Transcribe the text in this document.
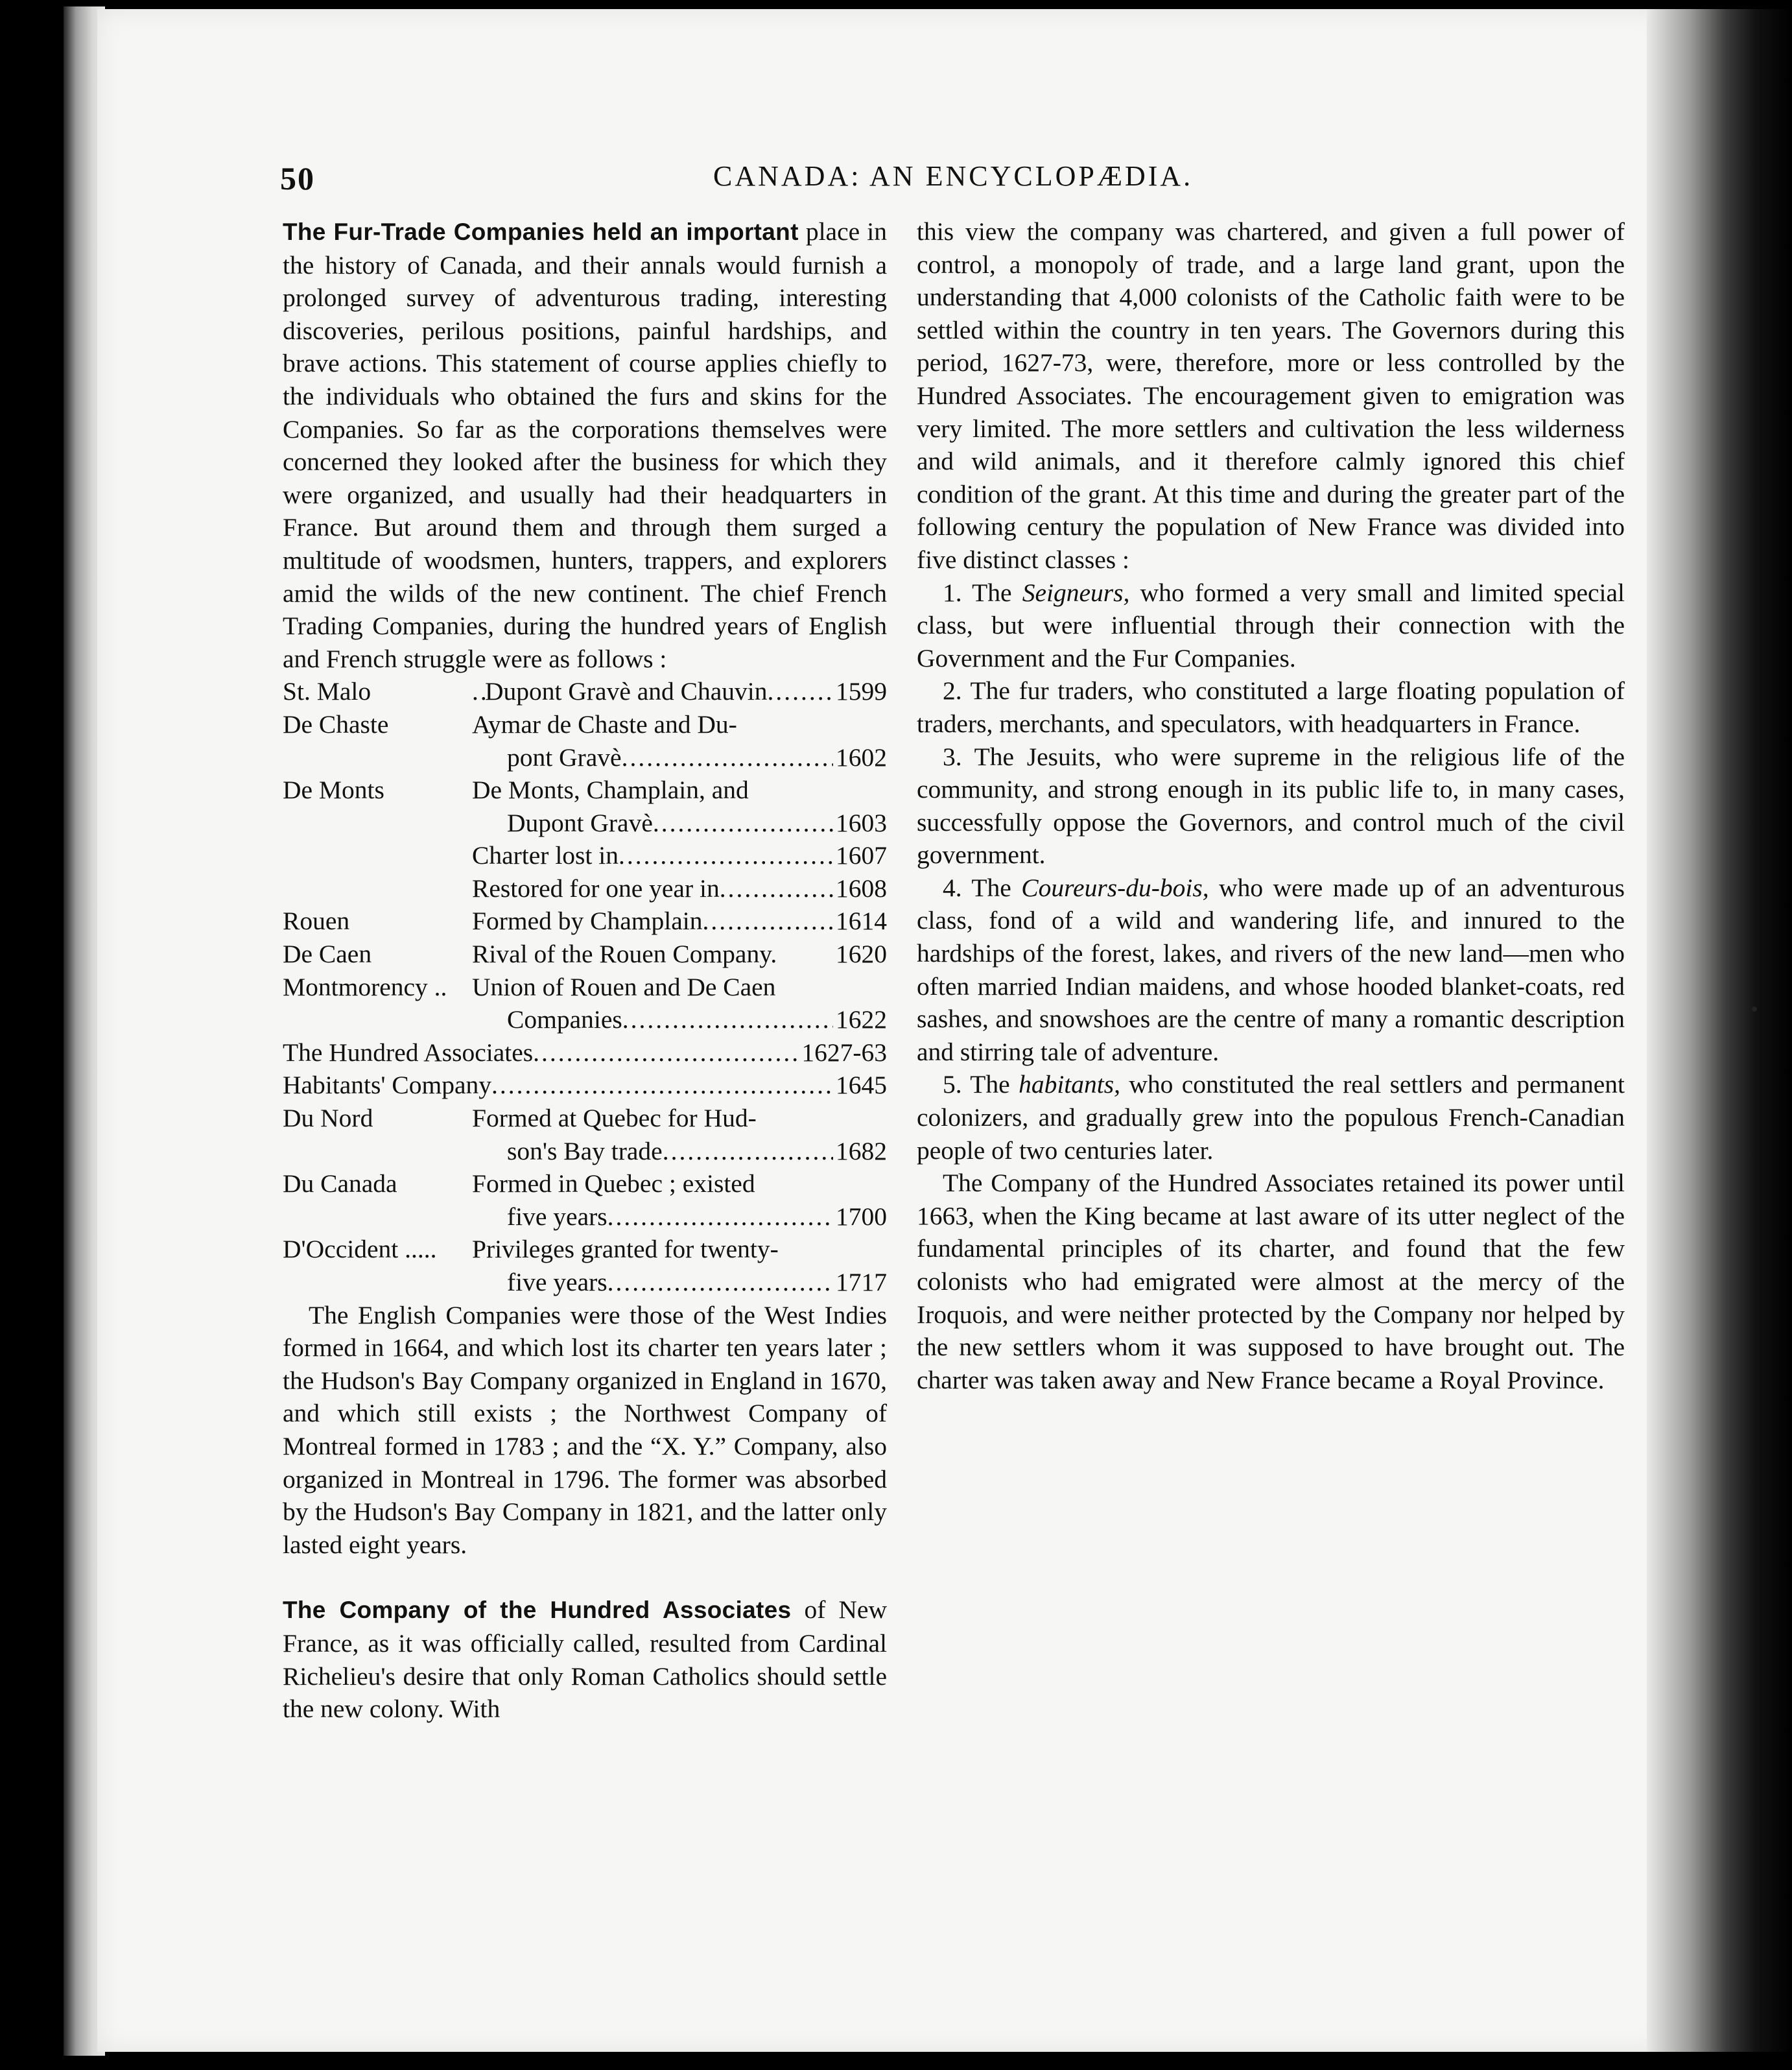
50	CANADA: AN ENCYCLOPÆDIA.

The Fur-Trade Companies held an important place in the history of Canada, and their annals would furnish a prolonged survey of adventurous trading, interesting discoveries, perilous positions, painful hardships, and brave actions. This statement of course applies chiefly to the individuals who obtained the furs and skins for the Companies. So far as the corporations themselves were concerned they looked after the business for which they were organized, and usually had their headquarters in France. But around them and through them surged a multitude of woodsmen, hunters, trappers, and explorers amid the wilds of the new continent. The chief French Trading Companies, during the hundred years of English and French struggle were as follows :

St. Malo .....	Dupont Gravè and Chauvin .....	1599
De Chaste	Aymar de Chaste and Du-
pont Gravè .....	1602
De Monts	De Monts, Champlain, and
Dupont Gravè .....	1603
Charter lost in .....	1607
Restored for one year in .....	1608
Rouen	Formed by Champlain .....	1614
De Caen	Rival of the Rouen Company. 1620
Montmorency .. Union of Rouen and De Caen
Companies .....	1622
The Hundred Associates .....	1627-63
Habitants' Company .....	1645
Du Nord	Formed at Quebec for Hud-
son's Bay trade .....	1682
Du Canada	Formed in Quebec ; existed
five years .....	1700
D'Occident .....	Privileges granted for twenty-
five years .....	1717

The English Companies were those of the West Indies formed in 1664, and which lost its charter ten years later ; the Hudson's Bay Company organized in England in 1670, and which still exists ; the Northwest Company of Montreal formed in 1783 ; and the “X. Y.” Company, also organized in Montreal in 1796. The former was absorbed by the Hudson's Bay Company in 1821, and the latter only lasted eight years.

The Company of the Hundred Associates of New France, as it was officially called, resulted from Cardinal Richelieu's desire that only Roman Catholics should settle the new colony. With

this view the company was chartered, and given a full power of control, a monopoly of trade, and a large land grant, upon the understanding that 4,000 colonists of the Catholic faith were to be settled within the country in ten years. The Governors during this period, 1627-73, were, therefore, more or less controlled by the Hundred Associates. The encouragement given to emigration was very limited. The more settlers and cultivation the less wilderness and wild animals, and it therefore calmly ignored this chief condition of the grant. At this time and during the greater part of the following century the population of New France was divided into five distinct classes :

1. The Seigneurs, who formed a very small and limited special class, but were influential through their connection with the Government and the Fur Companies.

2. The fur traders, who constituted a large floating population of traders, merchants, and speculators, with headquarters in France.

3. The Jesuits, who were supreme in the religious life of the community, and strong enough in its public life to, in many cases, successfully oppose the Governors, and control much of the civil government.

4. The Coureurs-du-bois, who were made up of an adventurous class, fond of a wild and wandering life, and innured to the hardships of the forest, lakes, and rivers of the new land—men who often married Indian maidens, and whose hooded blanket-coats, red sashes, and snowshoes are the centre of many a romantic description and stirring tale of adventure.

5. The habitants, who constituted the real settlers and permanent colonizers, and gradually grew into the populous French-Canadian people of two centuries later.

The Company of the Hundred Associates retained its power until 1663, when the King became at last aware of its utter neglect of the fundamental principles of its charter, and found that the few colonists who had emigrated were almost at the mercy of the Iroquois, and were neither protected by the Company nor helped by the new settlers whom it was supposed to have brought out. The charter was taken away and New France became a Royal Province.
